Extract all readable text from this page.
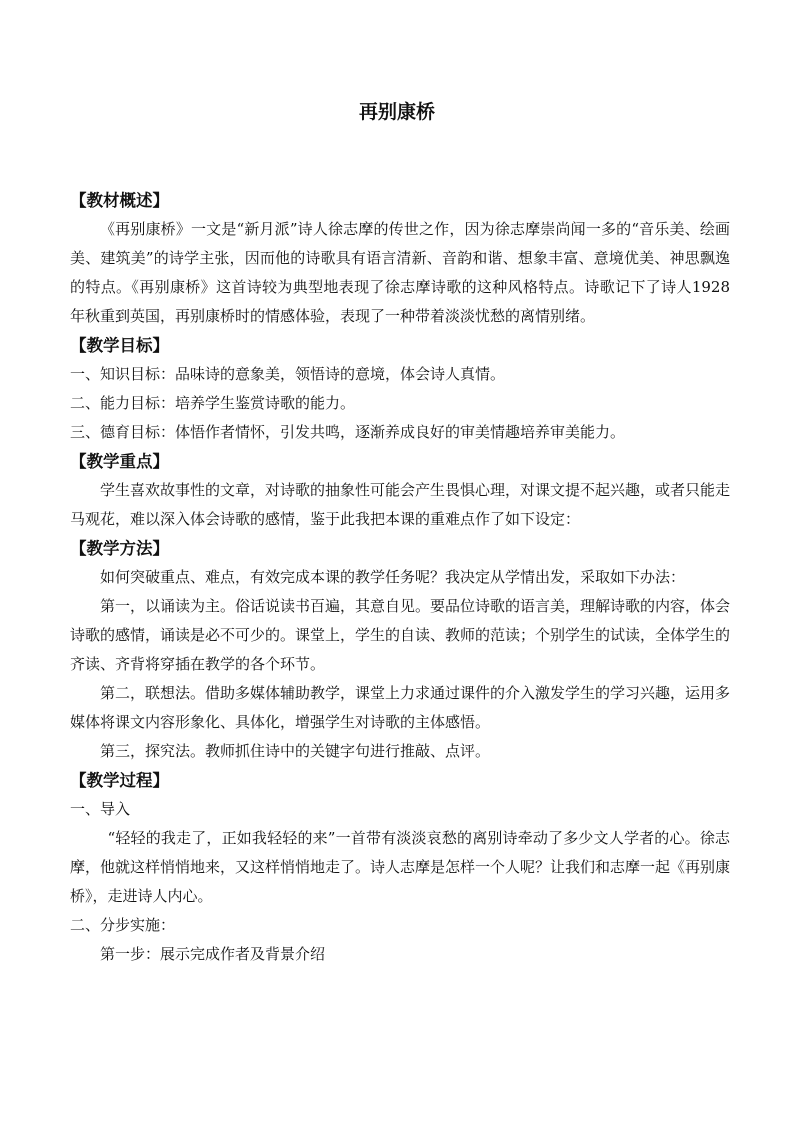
再别康桥
【教材概述】

《再别康桥》一文是“新月派”诗人徐志摩的传世之作，因为徐志摩崇尚闻一多的“音乐美、绘画美、建筑美”的诗学主张，因而他的诗歌具有语言清新、音韵和谐、想象丰富、意境优美、神思飘逸的特点。《再别康桥》这首诗较为典型地表现了徐志摩诗歌的这种风格特点。诗歌记下了诗人1928年秋重到英国，再别康桥时的情感体验，表现了一种带着淡淡忧愁的离情别绪。

【教学目标】

一、知识目标：品味诗的意象美，领悟诗的意境，体会诗人真情。

二、能力目标：培养学生鉴赏诗歌的能力。

三、德育目标：体悟作者情怀，引发共鸣，逐渐养成良好的审美情趣培养审美能力。

【教学重点】

学生喜欢故事性的文章，对诗歌的抽象性可能会产生畏惧心理，对课文提不起兴趣，或者只能走马观花，难以深入体会诗歌的感情，鉴于此我把本课的重难点作了如下设定：

【教学方法】

如何突破重点、难点，有效完成本课的教学任务呢？我决定从学情出发，采取如下办法：

第一，以诵读为主。俗话说读书百遍，其意自见。要品位诗歌的语言美，理解诗歌的内容，体会诗歌的感情，诵读是必不可少的。课堂上，学生的自读、教师的范读；个别学生的试读，全体学生的齐读、齐背将穿插在教学的各个环节。

第二，联想法。借助多媒体辅助教学，课堂上力求通过课件的介入激发学生的学习兴趣，运用多媒体将课文内容形象化、具体化，增强学生对诗歌的主体感悟。

第三，探究法。教师抓住诗中的关键字句进行推敲、点评。

【教学过程】

一、导入

“轻轻的我走了，正如我轻轻的来”一首带有淡淡哀愁的离别诗牵动了多少文人学者的心。徐志摩，他就这样悄悄地来，又这样悄悄地走了。诗人志摩是怎样一个人呢？让我们和志摩一起《再别康桥》，走进诗人内心。

二、分步实施：

第一步：展示完成作者及背景介绍
